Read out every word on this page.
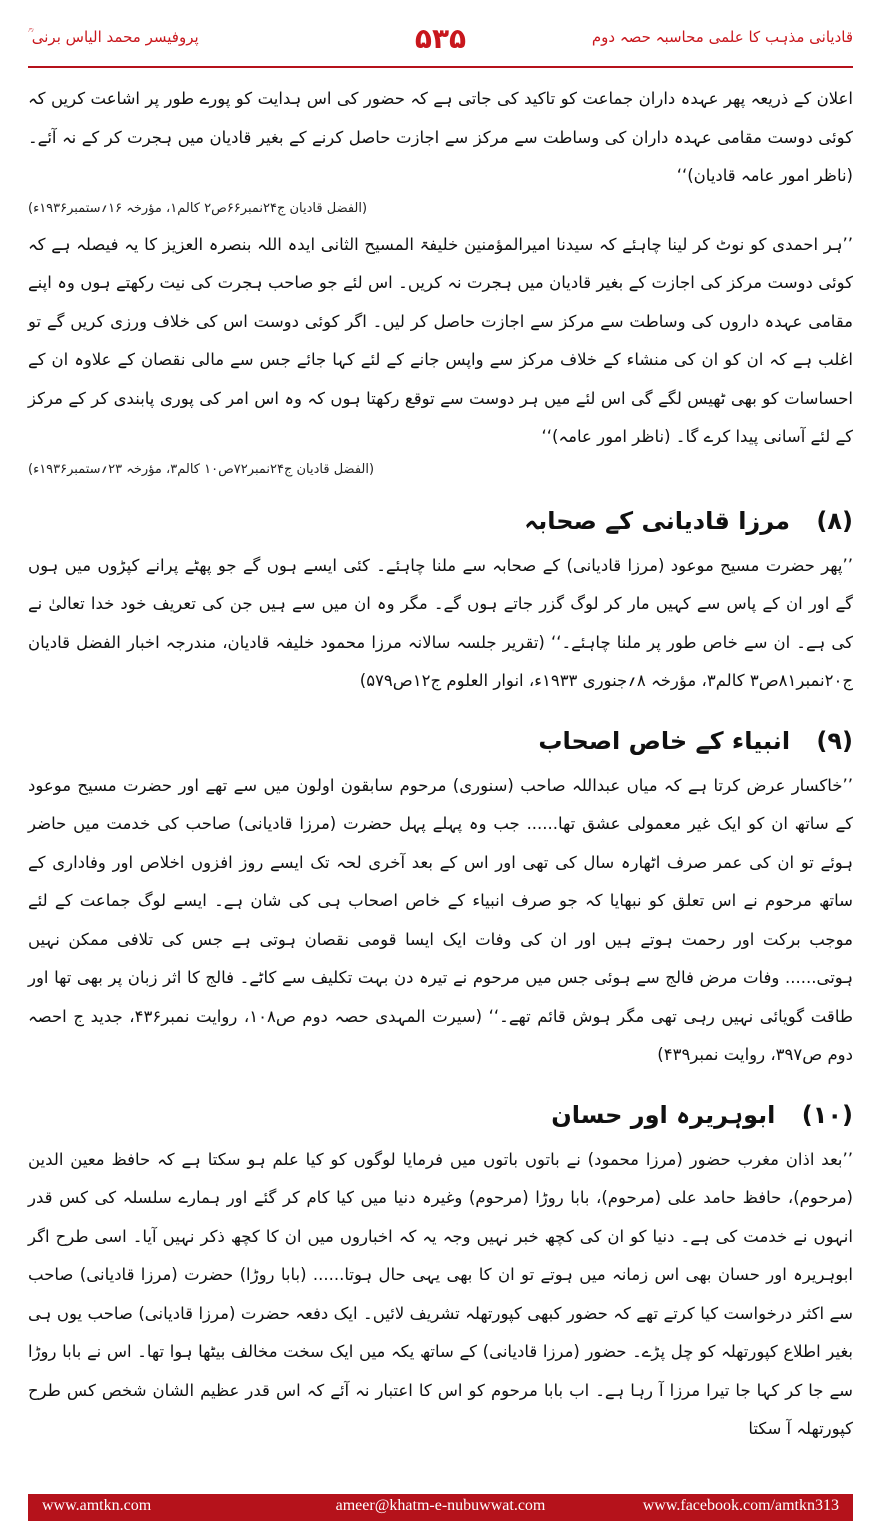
قادیانی مذہب کا علمی محاسبہ حصہ دوم
۵۳۵
پروفیسر محمد الیاس برنی ؒ

اعلان کے ذریعہ پھر عہدہ داران جماعت کو تاکید کی جاتی ہے کہ حضور کی اس ہدایت کو پورے طور پر اشاعت کریں کہ کوئی دوست مقامی عہدہ داران کی وساطت سے مرکز سے اجازت حاصل کرنے کے بغیر قادیان میں ہجرت کر کے نہ آئے۔ (ناظر امور عامہ قادیان)‘‘

(الفضل قادیان ج۲۴نمبر۶۶ص۲ کالم۱، مؤرخہ ۱۶؍ستمبر۱۹۳۶ء)

’’ہر احمدی کو نوٹ کر لینا چاہئے کہ سیدنا امیرالمؤمنین خلیفۃ المسیح الثانی ایدہ اللہ بنصرہ العزیز کا یہ فیصلہ ہے کہ کوئی دوست مرکز کی اجازت کے بغیر قادیان میں ہجرت نہ کریں۔ اس لئے جو صاحب ہجرت کی نیت رکھتے ہوں وہ اپنے مقامی عہدہ داروں کی وساطت سے مرکز سے اجازت حاصل کر لیں۔ اگر کوئی دوست اس کی خلاف ورزی کریں گے تو اغلب ہے کہ ان کو ان کی منشاء کے خلاف مرکز سے واپس جانے کے لئے کہا جائے جس سے مالی نقصان کے علاوہ ان کے احساسات کو بھی ٹھیس لگے گی اس لئے میں ہر دوست سے توقع رکھتا ہوں کہ وہ اس امر کی پوری پابندی کر کے مرکز کے لئے آسانی پیدا کرے گا۔ (ناظر امور عامہ)‘‘

(الفضل قادیان ج۲۴نمبر۷۲ص۱۰ کالم۳، مؤرخہ ۲۳؍ستمبر۱۹۳۶ء)

(۸) مرزا قادیانی کے صحابہ

’’پھر حضرت مسیح موعود (مرزا قادیانی) کے صحابہ سے ملنا چاہئے۔ کئی ایسے ہوں گے جو پھٹے پرانے کپڑوں میں ہوں گے اور ان کے پاس سے کہیں مار کر لوگ گزر جاتے ہوں گے۔ مگر وہ ان میں سے ہیں جن کی تعریف خود خدا تعالیٰ نے کی ہے۔ ان سے خاص طور پر ملنا چاہئے۔‘‘ (تقریر جلسہ سالانہ مرزا محمود خلیفہ قادیان، مندرجہ اخبار الفضل قادیان ج۲۰نمبر۸۱ص۳ کالم۳، مؤرخہ ۸؍جنوری ۱۹۳۳ء، انوار العلوم ج۱۲ص۵۷۹)

(۹) انبیاء کے خاص اصحاب

’’خاکسار عرض کرتا ہے کہ میاں عبداللہ صاحب (سنوری) مرحوم سابقون اولون میں سے تھے اور حضرت مسیح موعود کے ساتھ ان کو ایک غیر معمولی عشق تھا...... جب وہ پہلے پہل حضرت (مرزا قادیانی) صاحب کی خدمت میں حاضر ہوئے تو ان کی عمر صرف اٹھارہ سال کی تھی اور اس کے بعد آخری لحہ تک ایسے روز افزوں اخلاص اور وفاداری کے ساتھ مرحوم نے اس تعلق کو نبھایا کہ جو صرف انبیاء کے خاص اصحاب ہی کی شان ہے۔ ایسے لوگ جماعت کے لئے موجب برکت اور رحمت ہوتے ہیں اور ان کی وفات ایک ایسا قومی نقصان ہوتی ہے جس کی تلافی ممکن نہیں ہوتی...... وفات مرض فالج سے ہوئی جس میں مرحوم نے تیرہ دن بہت تکلیف سے کاٹے۔ فالج کا اثر زبان پر بھی تھا اور طاقت گویائی نہیں رہی تھی مگر ہوش قائم تھے۔‘‘ (سیرت المہدی حصہ دوم ص۱۰۸، روایت نمبر۴۳۶، جدید ج احصہ دوم ص۳۹۷، روایت نمبر۴۳۹)

(۱۰) ابوہریرہ اور حسان

’’بعد اذان مغرب حضور (مرزا محمود) نے باتوں باتوں میں فرمایا لوگوں کو کیا علم ہو سکتا ہے کہ حافظ معین الدین (مرحوم)، حافظ حامد علی (مرحوم)، بابا روڑا (مرحوم) وغیرہ دنیا میں کیا کام کر گئے اور ہمارے سلسلہ کی کس قدر انہوں نے خدمت کی ہے۔ دنیا کو ان کی کچھ خبر نہیں وجہ یہ کہ اخباروں میں ان کا کچھ ذکر نہیں آیا۔ اسی طرح اگر ابوہریرہ اور حسان بھی اس زمانہ میں ہوتے تو ان کا بھی یہی حال ہوتا...... (بابا روڑا) حضرت (مرزا قادیانی) صاحب سے اکثر درخواست کیا کرتے تھے کہ حضور کبھی کپورتھلہ تشریف لائیں۔ ایک دفعہ حضرت (مرزا قادیانی) صاحب یوں ہی بغیر اطلاع کپورتھلہ کو چل پڑے۔ حضور (مرزا قادیانی) کے ساتھ یکہ میں ایک سخت مخالف بیٹھا ہوا تھا۔ اس نے بابا روڑا سے جا کر کہا جا تیرا مرزا آ رہا ہے۔ اب بابا مرحوم کو اس کا اعتبار نہ آئے کہ اس قدر عظیم الشان شخص کس طرح کپورتھلہ آ سکتا

www.amtkn.com	ameer@khatm-e-nubuwwat.com	www.facebook.com/amtkn313
